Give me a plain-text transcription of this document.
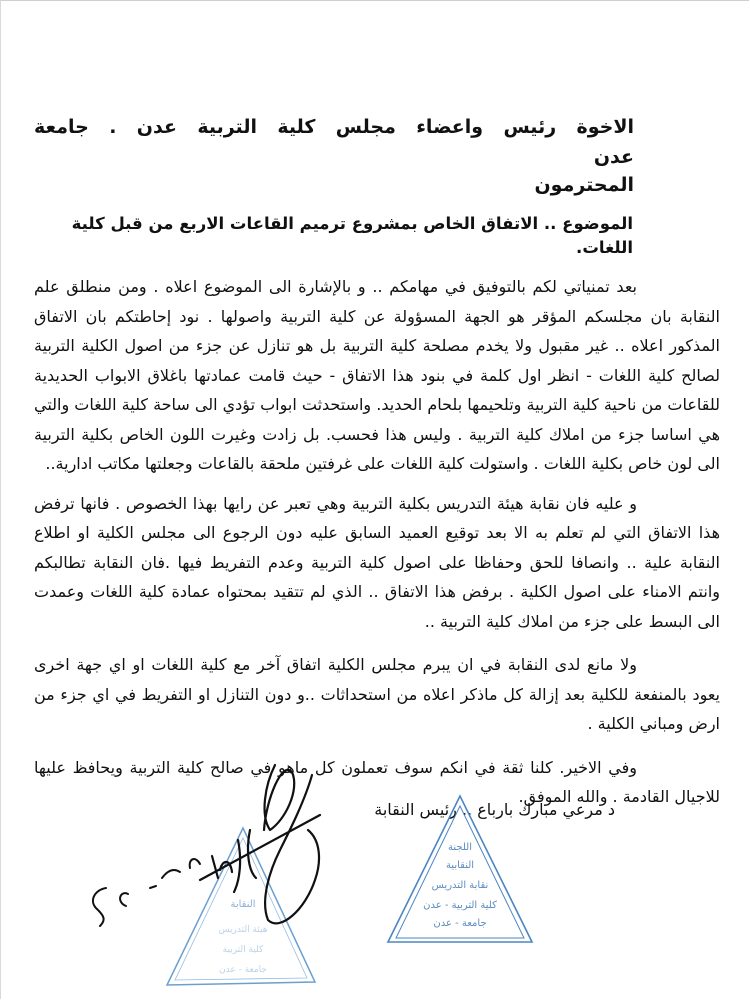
الاخوة رئيس واعضاء مجلس كلية التربية عدن . جامعة عدن
المحترمون
الموضوع .. الاتفاق الخاص بمشروع ترميم القاعات الاربع من قبل كلية اللغات.

بعد تمنياتي لكم بالتوفيق في مهامكم .. و بالإشارة الى الموضوع اعلاه . ومن منطلق علم النقابة بان مجلسكم المؤقر هو الجهة المسؤولة عن كلية التربية واصولها . نود إحاطتكم بان الاتفاق المذكور اعلاه .. غير مقبول ولا يخدم مصلحة كلية التربية بل هو تنازل عن جزء من اصول الكلية التربية لصالح كلية اللغات - انظر اول كلمة في بنود هذا الاتفاق - حيث قامت عمادتها باغلاق الابواب الحديدية للقاعات من ناحية كلية التربية وتلحيمها بلحام الحديد. واستحدثت ابواب تؤدي الى ساحة كلية اللغات والتي هي اساسا جزء من املاك كلية التربية . وليس هذا فحسب. بل زادت وغيرت اللون الخاص بكلية التربية الى لون خاص بكلية اللغات . واستولت كلية اللغات على غرفتين ملحقة بالقاعات وجعلتها مكاتب ادارية..

و عليه فان نقابة هيئة التدريس بكلية التربية وهي تعبر عن رايها بهذا الخصوص . فانها ترفض هذا الاتفاق التي لم تعلم به الا بعد توقيع العميد السابق عليه دون الرجوع الى مجلس الكلية او اطلاع النقابة علية .. وانصافا للحق وحفاظا على اصول كلية التربية وعدم التفريط فيها .فان النقابة تطالبكم وانتم الامناء على اصول الكلية . برفض هذا الاتفاق .. الذي لم تتقيد بمحتواه عمادة كلية اللغات وعمدت الى البسط على جزء من املاك كلية التربية ..

ولا مانع لدى النقابة في ان يبرم مجلس الكلية اتفاق آخر مع كلية اللغات او اي جهة اخرى يعود بالمنفعة للكلية بعد إزالة كل ماذكر اعلاه من استحداثات ..و دون التنازل او التفريط في اي جزء من ارض ومباني الكلية .

وفي الاخير. كلنا ثقة في انكم سوف تعملون كل ماهو في صالح كلية التربية ويحافظ عليها للاجيال القادمة . والله الموفق.

د مرعي مبارك بارباع .. رئيس النقابة
اللجنة
النقابية
نقابة التدريس
كلية التربية - عدن
جامعة - عدن
النقابة
هيئة التدريس
كلية التربية
جامعة - عدن
